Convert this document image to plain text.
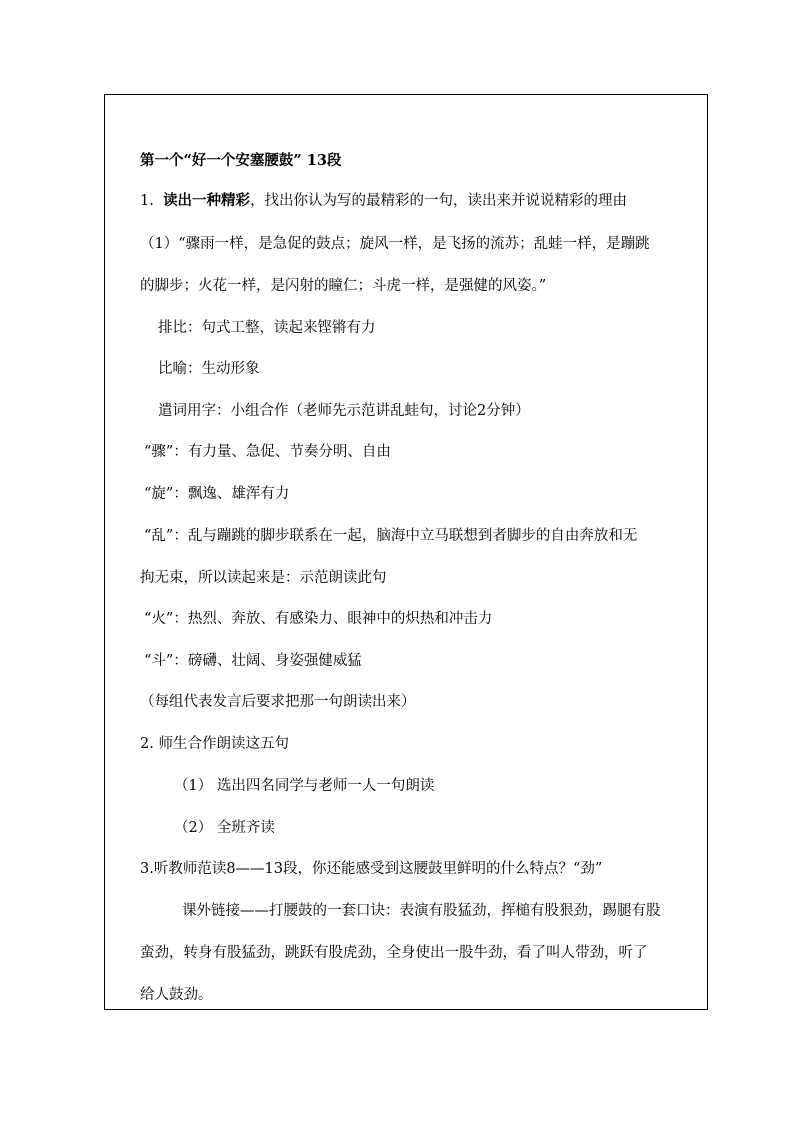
第一个“好一个安塞腰鼓” 13段
1. 读出一种精彩，找出你认为写的最精彩的一句，读出来并说说精彩的理由
（1）“骤雨一样，是急促的鼓点；旋风一样，是飞扬的流苏；乱蛙一样，是蹦跳
的脚步；火花一样，是闪射的瞳仁；斗虎一样，是强健的风姿。”
排比：句式工整，读起来铿锵有力
比喻：生动形象
遣词用字：小组合作（老师先示范讲乱蛙句，讨论2分钟）
“骤”：有力量、急促、节奏分明、自由
“旋”：飘逸、雄浑有力
“乱”：乱与蹦跳的脚步联系在一起，脑海中立马联想到者脚步的自由奔放和无
拘无束，所以读起来是：示范朗读此句
“火”：热烈、奔放、有感染力、眼神中的炽热和冲击力
“斗”：磅礴、壮阔、身姿强健威猛
（每组代表发言后要求把那一句朗读出来）
2. 师生合作朗读这五句
（1） 选出四名同学与老师一人一句朗读
（2） 全班齐读
3.听教师范读8——13段，你还能感受到这腰鼓里鲜明的什么特点？“劲”
课外链接——打腰鼓的一套口诀：表演有股猛劲，挥槌有股狠劲，踢腿有股
蛮劲，转身有股猛劲，跳跃有股虎劲，全身使出一股牛劲，看了叫人带劲，听了
给人鼓劲。
